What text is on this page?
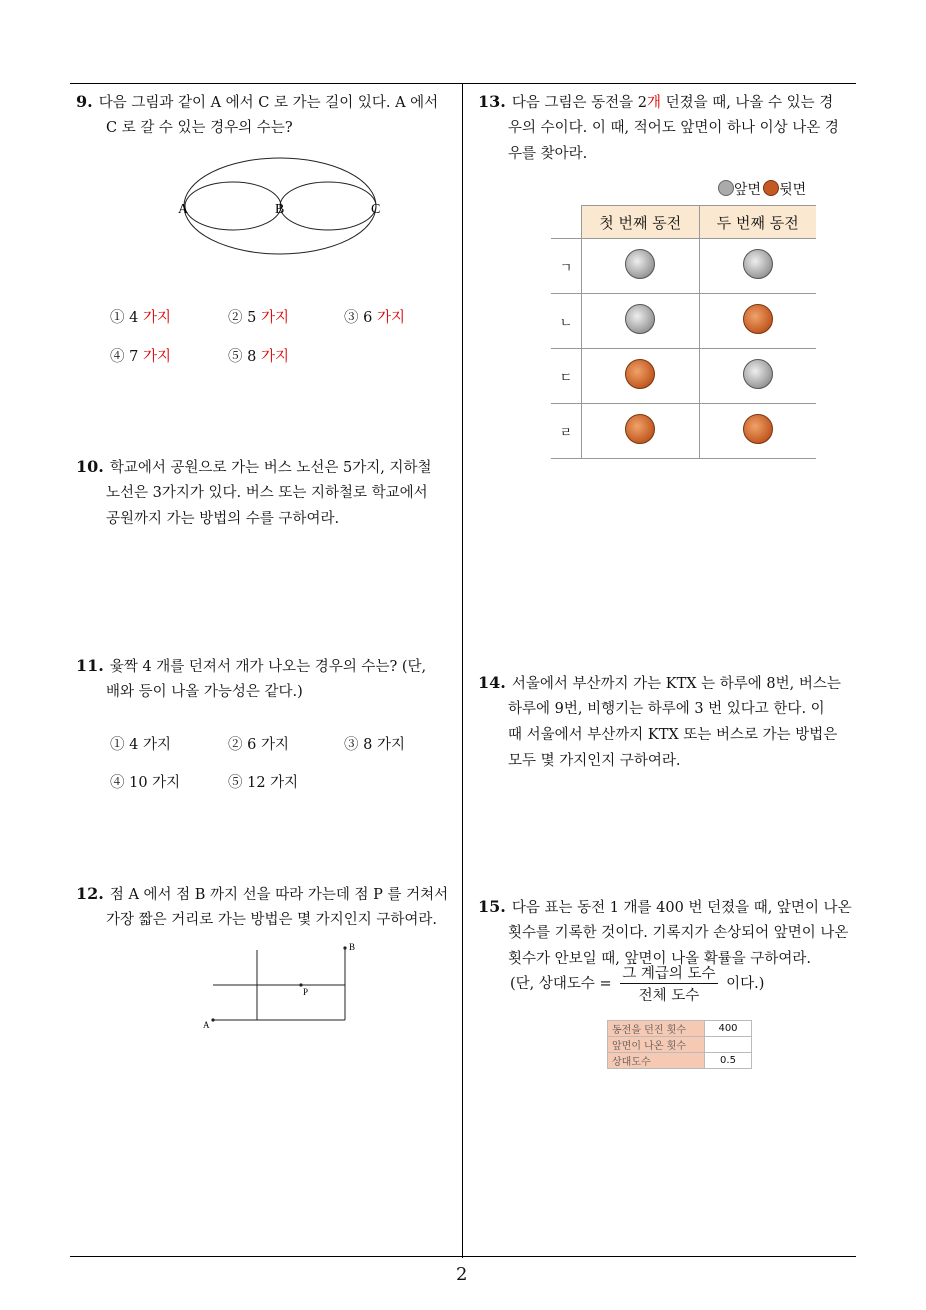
2
9. 다음 그림과 같이 A 에서 C 로 가는 길이 있다. A 에서
C 로 갈 수 있는 경우의 수는?
A	B	C
① 4 가지	② 5 가지	③ 6 가지
④ 7 가지	⑤ 8 가지
10. 학교에서 공원으로 가는 버스 노선은 5가지, 지하철
노선은 3가지가 있다. 버스 또는 지하철로 학교에서
공원까지 가는 방법의 수를 구하여라.
11. 윷짝 4 개를 던져서 개가 나오는 경우의 수는? (단,
배와 등이 나올 가능성은 같다.)
① 4 가지	② 6 가지	③ 8 가지
④ 10 가지	⑤ 12 가지
12. 점 A 에서 점 B 까지 선을 따라 가는데 점 P 를 거쳐서
가장 짧은 거리로 가는 방법은 몇 가지인지 구하여라.
A
B
P
13. 다음 그림은 동전을 2개 던졌을 때, 나올 수 있는 경
우의 수이다. 이 때, 적어도 앞면이 하나 이상 나온 경
우를 찾아라.
앞면 뒷면
	첫 번째 동전	두 번째 동전
ㄱ		
ㄴ		
ㄷ		
ㄹ		
14. 서울에서 부산까지 가는 KTX 는 하루에 8번, 버스는
하루에 9번, 비행기는 하루에 3 번 있다고 한다. 이
때 서울에서 부산까지 KTX 또는 버스로 가는 방법은
모두 몇 가지인지 구하여라.
15. 다음 표는 동전 1 개를 400 번 던졌을 때, 앞면이 나온
횟수를 기록한 것이다. 기록지가 손상되어 앞면이 나온
횟수가 안보일 때, 앞면이 나올 확률을 구하여라.
(단, 상대도수 =
그 계급의 도수
전체 도수
이다.)
동전을 던진 횟수	400
앞면이 나온 횟수	
상대도수	0.5
